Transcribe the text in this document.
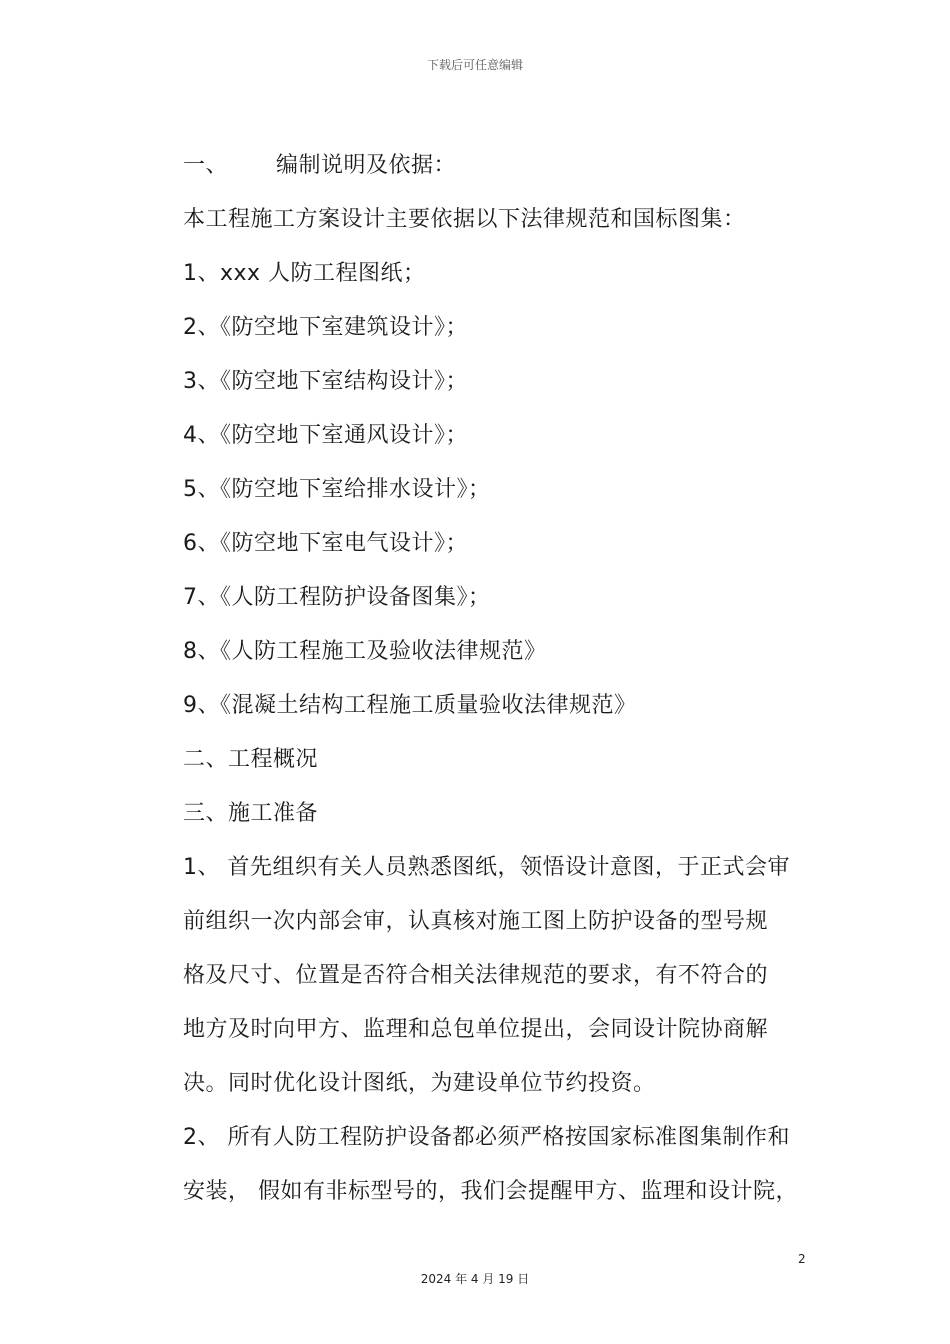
下载后可任意编辑
一、 编制说明及依据：
本工程施工方案设计主要依据以下法律规范和国标图集：
1、xxx 人防工程图纸；
2、《防空地下室建筑设计》；
3、《防空地下室结构设计》；
4、《防空地下室通风设计》；
5、《防空地下室给排水设计》；
6、《防空地下室电气设计》；
7、《人防工程防护设备图集》；
8、《人防工程施工及验收法律规范》
9、《混凝土结构工程施工质量验收法律规范》
二、工程概况
三、施工准备
1、 首先组织有关人员熟悉图纸，领悟设计意图，于正式会审
前组织一次内部会审，认真核对施工图上防护设备的型号规
格及尺寸、位置是否符合相关法律规范的要求，有不符合的
地方及时向甲方、监理和总包单位提出，会同设计院协商解
决。同时优化设计图纸，为建设单位节约投资。
2、 所有人防工程防护设备都必须严格按国家标准图集制作和
安装， 假如有非标型号的，我们会提醒甲方、监理和设计院，
2
2024 年 4 月 19 日
